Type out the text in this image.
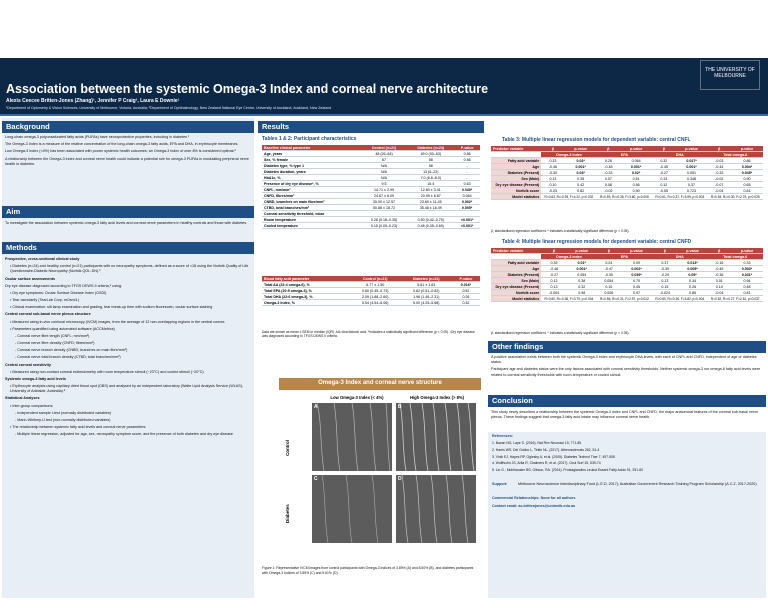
Association between the systemic Omega-3 Index and corneal nerve architecture
Alexis Ceecee Britten-Jones (Zhang)¹, Jennifer P Craig², Laura E Downie¹
¹Department of Optometry & Vision Sciences, University of Melbourne, Victoria, Australia; ²Department of Ophthalmology, New Zealand National Eye Centre, University of Auckland, Auckland, New Zealand
THE UNIVERSITY OF MELBOURNE
Background

Long-chain omega-3 polyunsaturated fatty acids (PUFAs) have neuroprotective properties, including in diabetes.¹

The Omega-3 Index is a measure of the relative concentration of the long-chain omega-3 fatty acids, EPA and DHA, in erythrocyte membranes.

Low Omega-3 Index (<4%) has been associated with poorer systemic health outcomes; an Omega-3 index of over 8% is considered optimal.²

A relationship between the Omega-3 index and corneal nerve health could indicate a potential role for omega-3 PUFAs in modulating peripheral nerve health in diabetes.

Aim
To investigate the association between systemic omega-3 fatty acid levels and corneal nerve parameters in healthy controls and those with diabetes.
Methods

Prospective, cross-sectional clinical study

• Diabetes (n=24) and healthy control (n=21) participants with no neuropathy symptoms, defined as a score of <18 using the Norfolk Quality of Life Questionnaire-Diabetic Neuropathy (Norfolk QOL-DN).³

Ocular surface assessments

Dry eye disease diagnosed according to TFOS DEWS II criteria,⁴ using:

• Dry eye symptoms: Ocular Surface Disease Index (OSDI)

• Tear osmolarity (TearLab Corp; mOsm/L)

• Clinical examination: slit lamp examination and grading, tear break-up time with sodium fluorescein, ocular surface staining

Central corneal sub-basal nerve plexus structure

• Measured using in-vivo confocal microscopy (IVCM) images, from the average of 12 non-overlapping regions in the central cornea

• Parameters quantified using automated software (ACCMetrics)

- Corneal nerve fibre length (CNFL; mm/mm²)

- Corneal nerve fibre density (CNFD; fibres/mm²)

- Corneal nerve branch density (CNBD; branches on main fibre/mm²)

- Corneal nerve total branch density (CTBD; total branches/mm²)

Central corneal sensitivity

• Measured using non-contact corneal esthesiometry with room temperature stimuli (~23°C) and cooled stimuli (~20°C)

Systemic omega-3 fatty acid levels

• Erythrocyte analysis using capillary dried blood spot (DBS) and analysed by an independent laboratory (Waite Lipid Analysis Service (WLAS), University of Adelaide, Australia).⁵

Statistical Analyses

• Inter-group comparisons:

- Independent sample t-test (normally distributed variables)

- Mann-Whitney-U test (non-normally distributed variables)

• The relationship between systemic fatty acid levels and corneal nerve parameters:

- Multiple linear regression, adjusted for age, sex, neuropathy symptom score, and the presence of both diabetes and dry eye disease

Results
Tables 1 & 2: Participant characteristics
Baseline clinical parameter	Control (n=21)	Diabetes (n=24)	P-value
Age, years	48 (26–64)	49.0 (30–63)	0.86
Sex, % female	67	58	0.56
Diabetes type, % type 1	N/A	58	-
Diabetes duration, years	N/A	13 (6–22)	-
HbA1c, %	N/A	7.0 (6.6–8.0)	-
Presence of dry eye disease*, %	9.5	15.4	0.63
CNFL, mm/mm²	14.71 ± 2.99	12.80 ± 3.41	0.030*
CNFD, fibres/mm²	24.67 ± 6.09	20.99 ± 6.67	0.064
CNBD, branches on main fibre/mm²	35.00 ± 12.57	23.60 ± 11.45	0.002*
CTBD, total branches/mm²	50.88 ± 18.72	35.48 ± 16.49	0.005*
Corneal sensitivity threshold, mbar			
Room temperature	0.28 (0.18–0.35)	0.50 (0.42–0.75)	<0.001*
Cooled temperature	0.15 (0.09–0.23)	0.48 (0.35–0.69)	<0.001*
Blood fatty acid parameter	Control (n=21)	Diabetes (n=24)	P-value
Total AA (22:4 omega-6), %	6.77 ± 1.50	5.61 ± 1.63	0.016*
Total EPA (20:5 omega-3), %	0.60 (0.45–0.73)	0.62 (0.51–0.82)	0.52
Total DHA (22:6 omega-3), %	2.09 (1.88–2.60)	1.96 (1.49–2.31)	0.26
Omega-3 Index, %	5.54 (4.54–6.06)	5.00 (4.25–5.68)	0.32
Data are shown as mean ± SEM or median (IQR). AA=Arachidonic acid. *Indicates a statistically significant difference (p < 0.05). ¹Dry eye disease was diagnosed according to TFOS DEWS II criteria.
Omega-3 Index and corneal nerve structure
Low Omega-3 Index (< 4%)	High Omega-3 Index (> 8%)
Control
Diabetes
A	B
C	D
Figure 1: Representative IVCM images from control participants with Omega-3 Indices of 3.89% (A) and 8.50% (B), and diabetes participants with Omega-3 Indices of 3.85% (C) and 9.61% (D)
Table 3: Multiple linear regression models for dependent variable: central CNFL
Predictor variable	β	p-value	β	p-value	β	p-value	β	p-value
	Omega-3 index		EPA		DHA		Total omega-6	
Fatty acid variable	0.33	0.02*	0.25	0.064	0.32	0.027*	-0.03	0.86
Age	-0.46	0.001*	-0.48	0.001*	-0.45	0.001*	-0.44	0.004*
Diabetes (Present)	-0.30	0.03*	-0.33	0.02*	-0.27	0.051	-0.33	0.045*
Sex (Male)	0.13	0.35	0.07	0.61	0.13	0.348	-0.02	0.90
Dry eye disease (Present)	0.10	0.42	0.08	0.56	0.12	0.37	-0.07	0.65
Norfolk score	-0.03	0.82	-0.02	0.90	-0.05	0.723	-0.04	0.81
Model statistics	R=0.63, R²=0.39, F=4.22, p=0.002		R=0.59, R²=0.35, F=3.60, p=0.006		R=0.61, R²=0.37, F=3.99, p=0.003		R=0.54, R²=0.30, F=2.75, p=0.025	
β, standardised regression coefficient. * Indicates a statistically significant difference (p < 0.05).
Table 4: Multiple linear regression models for dependent variable: central CNFD
Predictor variable	β	p-value	β	p-value	β	p-value	β	p-value
	Omega-3 index		EPA		DHA		Total omega-6	
Fatty acid variable	0.39	0.01*	0.24	0.09	0.37	0.013*	-0.16	0.33
Age	-0.48	0.001*	-0.47	0.002*	-0.39	0.005*	-0.45	0.003*
Diabetes (Present)	-0.27	0.054	-0.30	0.039*	-0.29	0.05*	-0.36	0.031*
Sex (Male)	0.12	0.38	0.054	0.70	0.13	0.34	0.01	0.94
Dry eye disease (Present)	0.13	0.32	0.10	0.45	0.15	0.26	0.10	0.48
Norfolk score	-0.004	0.98	0.006	0.97	-0.024	0.86	-0.04	0.81
Model statistics	R=0.60, R²=0.36, F=3.79, p=0.004		R=0.56, R²=0.31, F=2.97, p=0.012		R=0.60, R²=0.36, F=3.82, p=0.004		R=0.52, R²=0.27, F=2.51, p=0.037	
β, standardised regression coefficient. * Indicates a statistically significant difference (p < 0.05).
Other findings

A positive association exists between both the systemic Omega-3 index and erythrocyte DHA levels, with each of CNFL and CNFD, independent of age or diabetes status.

Participant age and diabetes status were the only factors associated with corneal sensitivity thresholds. Neither systemic omega-3 nor omega-6 fatty acid levels were related to corneal sensitivity thresholds with room-temperature or cooled stimuli.

Conclusion
This study newly describes a relationship between the systemic Omega-3 index and CNFL and CNFD, the major anatomical features of the corneal sub-basal nerve plexus. These findings suggest that omega-3 fatty acid intake may influence corneal nerve health.
References:

1. Bazan NG, Laye S. (2016). Nat Rev Neurosci 15, 771-85

2. Harris WS, Del Gobbo L, Tintle NL. (2017). Atherosclerosis 262, 51-4

3. Vinik EJ, Hayes RP, Oglesby A, et al. (2005). Diabetes Technol Ther 7, 497-508

4. Wolffsohn JS, Arita R, Chalmers R, et al. (2017). Ocul Surf 15, 539-74

5. Liu G., Muhlhausler BS, Gibson, RA. (2014). Prostaglandins Leukot Essent Fatty Acids 91, 251-60

Support:	Melbourne Neuroscience Interdisciplinary Fund (L.E.D, 2017); Australian Government Research Training Program Scholarship (A.C.Z, 2017-2020)
Commercial Relationships: None for all authors
Contact email: ac.brittenjones@unimelb.edu.au
